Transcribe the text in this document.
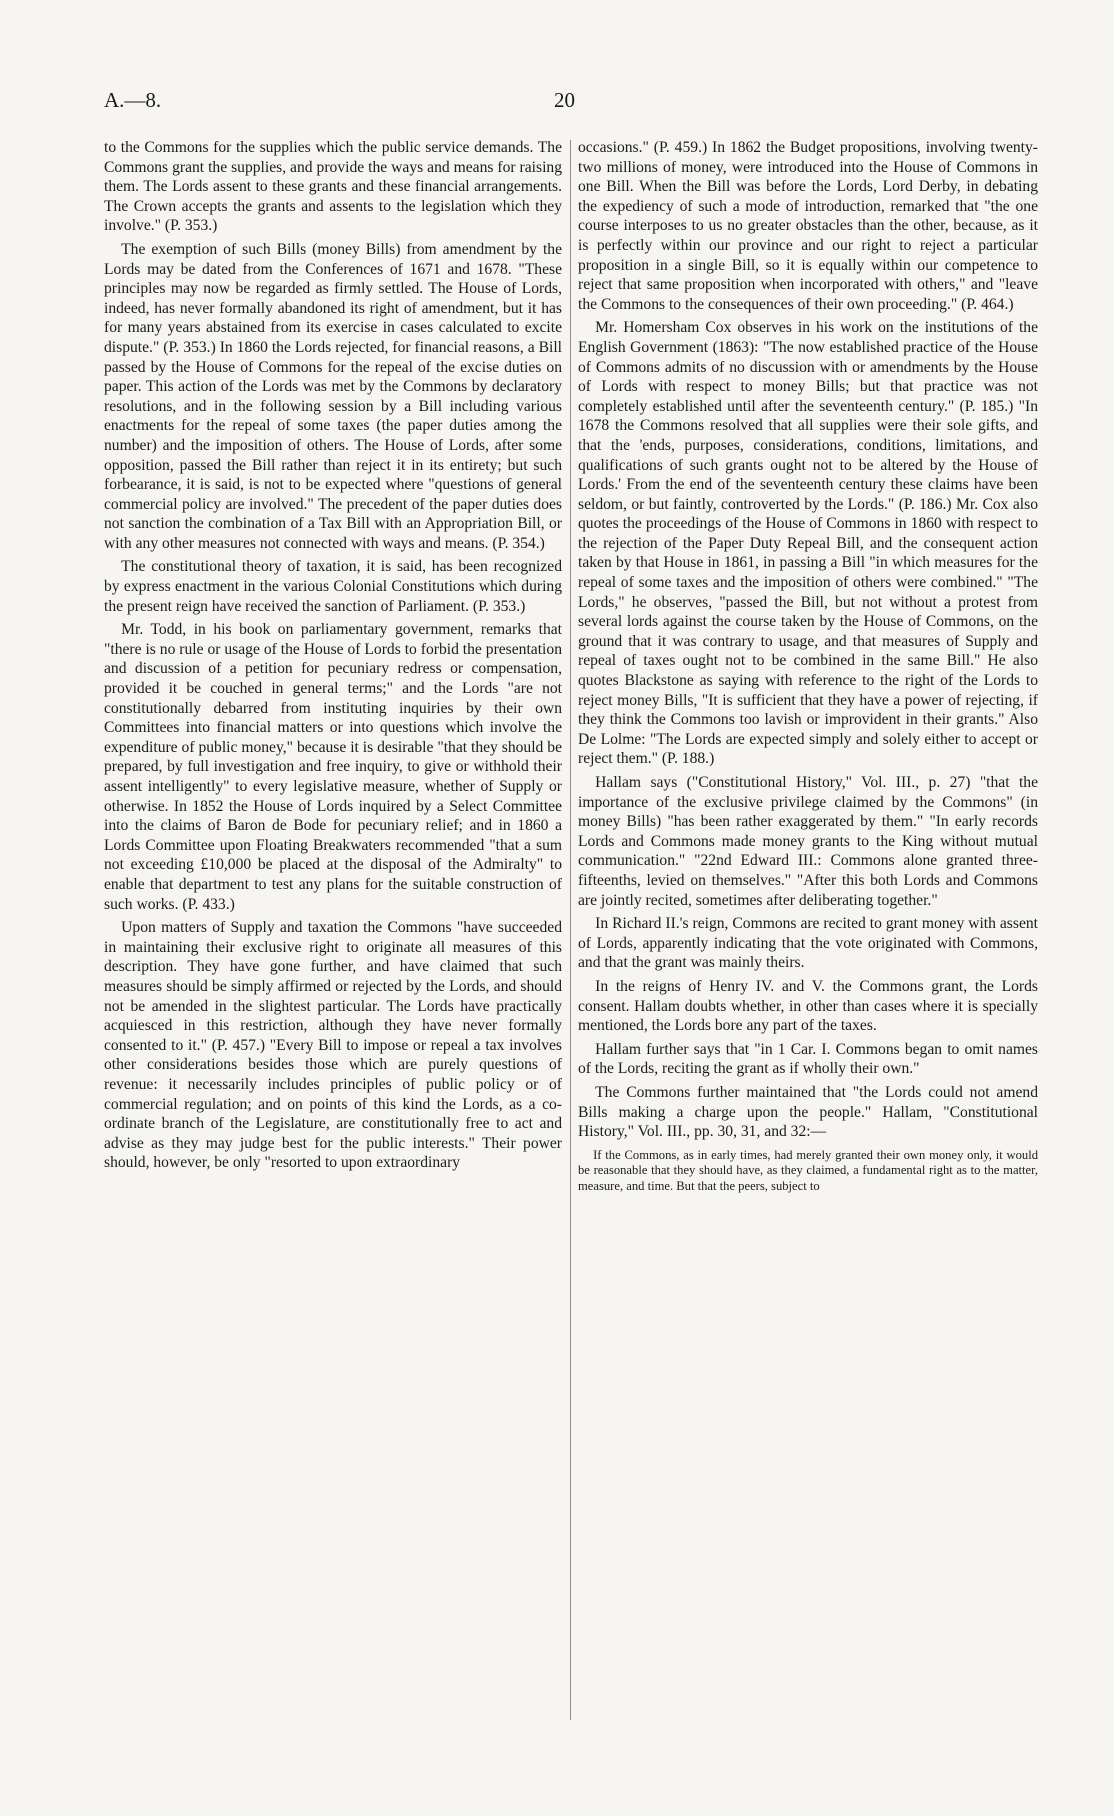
A.—8.	20

to the Commons for the supplies which the public service demands. The Commons grant the supplies, and provide the ways and means for raising them. The Lords assent to these grants and these financial arrangements. The Crown accepts the grants and assents to the legislation which they involve." (P. 353.)

The exemption of such Bills (money Bills) from amendment by the Lords may be dated from the Conferences of 1671 and 1678. "These principles may now be regarded as firmly settled. The House of Lords, indeed, has never formally abandoned its right of amendment, but it has for many years abstained from its exercise in cases calculated to excite dispute." (P. 353.) In 1860 the Lords rejected, for financial reasons, a Bill passed by the House of Commons for the repeal of the excise duties on paper. This action of the Lords was met by the Commons by declaratory resolutions, and in the following session by a Bill including various enactments for the repeal of some taxes (the paper duties among the number) and the imposition of others. The House of Lords, after some opposition, passed the Bill rather than reject it in its entirety; but such forbearance, it is said, is not to be expected where "questions of general commercial policy are involved." The precedent of the paper duties does not sanction the combination of a Tax Bill with an Appropriation Bill, or with any other measures not connected with ways and means. (P. 354.)

The constitutional theory of taxation, it is said, has been recognized by express enactment in the various Colonial Constitutions which during the present reign have received the sanction of Parliament. (P. 353.)

Mr. Todd, in his book on parliamentary government, remarks that "there is no rule or usage of the House of Lords to forbid the presentation and discussion of a petition for pecuniary redress or compensation, provided it be couched in general terms;" and the Lords "are not constitutionally debarred from instituting inquiries by their own Committees into financial matters or into questions which involve the expenditure of public money," because it is desirable "that they should be prepared, by full investigation and free inquiry, to give or withhold their assent intelligently" to every legislative measure, whether of Supply or otherwise. In 1852 the House of Lords inquired by a Select Committee into the claims of Baron de Bode for pecuniary relief; and in 1860 a Lords Committee upon Floating Breakwaters recommended "that a sum not exceeding £10,000 be placed at the disposal of the Admiralty" to enable that department to test any plans for the suitable construction of such works. (P. 433.)

Upon matters of Supply and taxation the Commons "have succeeded in maintaining their exclusive right to originate all measures of this description. They have gone further, and have claimed that such measures should be simply affirmed or rejected by the Lords, and should not be amended in the slightest particular. The Lords have practically acquiesced in this restriction, although they have never formally consented to it." (P. 457.) "Every Bill to impose or repeal a tax involves other considerations besides those which are purely questions of revenue: it necessarily includes principles of public policy or of commercial regulation; and on points of this kind the Lords, as a co-ordinate branch of the Legislature, are constitutionally free to act and advise as they may judge best for the public interests." Their power should, however, be only "resorted to upon extraordinary

occasions." (P. 459.) In 1862 the Budget propositions, involving twenty-two millions of money, were introduced into the House of Commons in one Bill. When the Bill was before the Lords, Lord Derby, in debating the expediency of such a mode of introduction, remarked that "the one course interposes to us no greater obstacles than the other, because, as it is perfectly within our province and our right to reject a particular proposition in a single Bill, so it is equally within our competence to reject that same proposition when incorporated with others," and "leave the Commons to the consequences of their own proceeding." (P. 464.)

Mr. Homersham Cox observes in his work on the institutions of the English Government (1863): "The now established practice of the House of Commons admits of no discussion with or amendments by the House of Lords with respect to money Bills; but that practice was not completely established until after the seventeenth century." (P. 185.) "In 1678 the Commons resolved that all supplies were their sole gifts, and that the 'ends, purposes, considerations, conditions, limitations, and qualifications of such grants ought not to be altered by the House of Lords.' From the end of the seventeenth century these claims have been seldom, or but faintly, controverted by the Lords." (P. 186.) Mr. Cox also quotes the proceedings of the House of Commons in 1860 with respect to the rejection of the Paper Duty Repeal Bill, and the consequent action taken by that House in 1861, in passing a Bill "in which measures for the repeal of some taxes and the imposition of others were combined." "The Lords," he observes, "passed the Bill, but not without a protest from several lords against the course taken by the House of Commons, on the ground that it was contrary to usage, and that measures of Supply and repeal of taxes ought not to be combined in the same Bill." He also quotes Blackstone as saying with reference to the right of the Lords to reject money Bills, "It is sufficient that they have a power of rejecting, if they think the Commons too lavish or improvident in their grants." Also De Lolme: "The Lords are expected simply and solely either to accept or reject them." (P. 188.)

Hallam says ("Constitutional History," Vol. III., p. 27) "that the importance of the exclusive privilege claimed by the Commons" (in money Bills) "has been rather exaggerated by them." "In early records Lords and Commons made money grants to the King without mutual communication." "22nd Edward III.: Commons alone granted three-fifteenths, levied on themselves." "After this both Lords and Commons are jointly recited, sometimes after deliberating together."

In Richard II.'s reign, Commons are recited to grant money with assent of Lords, apparently indicating that the vote originated with Commons, and that the grant was mainly theirs.

In the reigns of Henry IV. and V. the Commons grant, the Lords consent. Hallam doubts whether, in other than cases where it is specially mentioned, the Lords bore any part of the taxes.

Hallam further says that "in 1 Car. I. Commons began to omit names of the Lords, reciting the grant as if wholly their own."

The Commons further maintained that "the Lords could not amend Bills making a charge upon the people." Hallam, "Constitutional History," Vol. III., pp. 30, 31, and 32:—

If the Commons, as in early times, had merely granted their own money only, it would be reasonable that they should have, as they claimed, a fundamental right as to the matter, measure, and time. But that the peers, subject to
